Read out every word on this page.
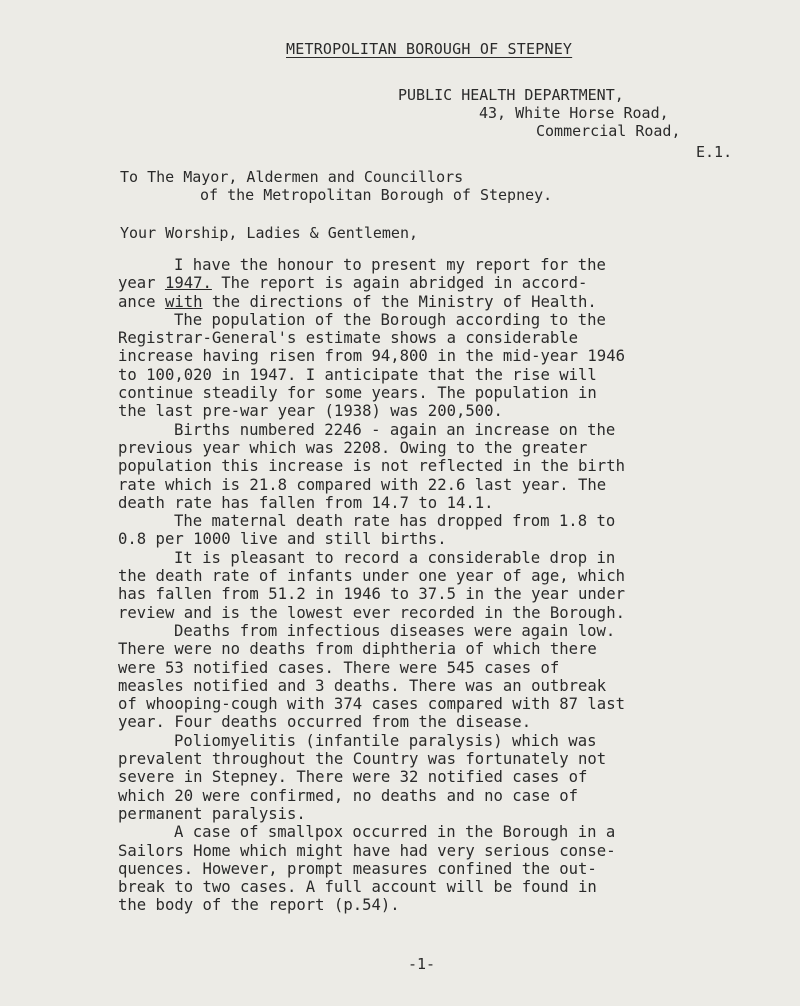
METROPOLITAN BOROUGH OF STEPNEY
PUBLIC HEALTH DEPARTMENT,
43, White Horse Road,
Commercial Road,
E.1.
To The Mayor, Aldermen and Councillors
of the Metropolitan Borough of Stepney.
Your Worship, Ladies & Gentlemen,
I have the honour to present my report for the
year 1947. The report is again abridged in accord-
ance with the directions of the Ministry of Health.
The population of the Borough according to the
Registrar-General's estimate shows a considerable
increase having risen from 94,800 in the mid-year 1946
to 100,020 in 1947. I anticipate that the rise will
continue steadily for some years. The population in
the last pre-war year (1938) was 200,500.
Births numbered 2246 - again an increase on the
previous year which was 2208. Owing to the greater
population this increase is not reflected in the birth
rate which is 21.8 compared with 22.6 last year. The
death rate has fallen from 14.7 to 14.1.
The maternal death rate has dropped from 1.8 to
0.8 per 1000 live and still births.
It is pleasant to record a considerable drop in
the death rate of infants under one year of age, which
has fallen from 51.2 in 1946 to 37.5 in the year under
review and is the lowest ever recorded in the Borough.
Deaths from infectious diseases were again low.
There were no deaths from diphtheria of which there
were 53 notified cases. There were 545 cases of
measles notified and 3 deaths. There was an outbreak
of whooping-cough with 374 cases compared with 87 last
year. Four deaths occurred from the disease.
Poliomyelitis (infantile paralysis) which was
prevalent throughout the Country was fortunately not
severe in Stepney. There were 32 notified cases of
which 20 were confirmed, no deaths and no case of
permanent paralysis.
A case of smallpox occurred in the Borough in a
Sailors Home which might have had very serious conse-
quences. However, prompt measures confined the out-
break to two cases. A full account will be found in
the body of the report (p.54).
-1-
